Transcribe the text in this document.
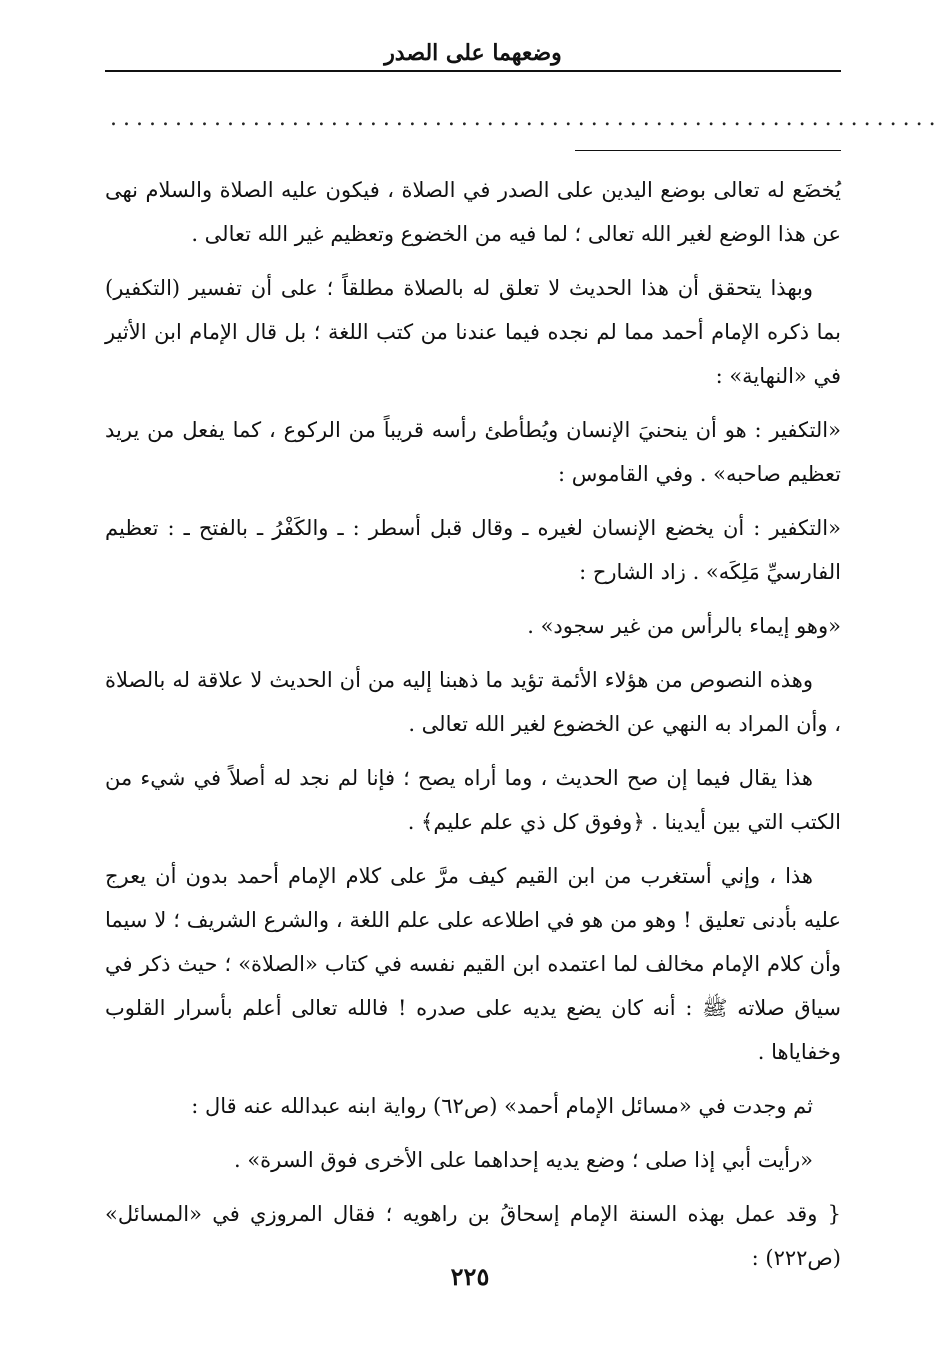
وضعهما على الصدر
................................................................

يُخضَع له تعالى بوضع اليدين على الصدر في الصلاة ، فيكون عليه الصلاة والسلام نهى عن هذا الوضع لغير الله تعالى ؛ لما فيه من الخضوع وتعظيم غير الله تعالى .

وبهذا يتحقق أن هذا الحديث لا تعلق له بالصلاة مطلقاً ؛ على أن تفسير (التكفير) بما ذكره الإمام أحمد مما لم نجده فيما عندنا من كتب اللغة ؛ بل قال الإمام ابن الأثير في «النهاية» :

«التكفير : هو أن ينحنيَ الإنسان ويُطأطئ رأسه قريباً من الركوع ، كما يفعل من يريد تعظيم صاحبه» . وفي القاموس :

«التكفير : أن يخضع الإنسان لغيره ـ وقال قبل أسطر : ـ والكَفْرُ ـ بالفتح ـ : تعظيم الفارسيِّ مَلِكَه» . زاد الشارح :

«وهو إيماء بالرأس من غير سجود» .

وهذه النصوص من هؤلاء الأئمة تؤيد ما ذهبنا إليه من أن الحديث لا علاقة له بالصلاة ، وأن المراد به النهي عن الخضوع لغير الله تعالى .

هذا يقال فيما إن صح الحديث ، وما أراه يصح ؛ فإنا لم نجد له أصلاً في شيء من الكتب التي بين أيدينا . ﴿وفوق كل ذي علم عليم﴾ .

هذا ، وإني أستغرب من ابن القيم كيف مرَّ على كلام الإمام أحمد بدون أن يعرج عليه بأدنى تعليق ! وهو من هو في اطلاعه على علم اللغة ، والشرع الشريف ؛ لا سيما وأن كلام الإمام مخالف لما اعتمده ابن القيم نفسه في كتاب «الصلاة» ؛ حيث ذكر في سياق صلاته ﷺ : أنه كان يضع يديه على صدره ! فالله تعالى أعلم بأسرار القلوب وخفاياها .

ثم وجدت في «مسائل الإمام أحمد» (ص٦٢) رواية ابنه عبدالله عنه قال :

«رأيت أبي إذا صلى ؛ وضع يديه إحداهما على الأخرى فوق السرة» .

{ وقد عمل بهذه السنة الإمام إسحاقُ بن راهويه ؛ فقال المروزي في «المسائل» (ص٢٢٢) :

٢٢٥
